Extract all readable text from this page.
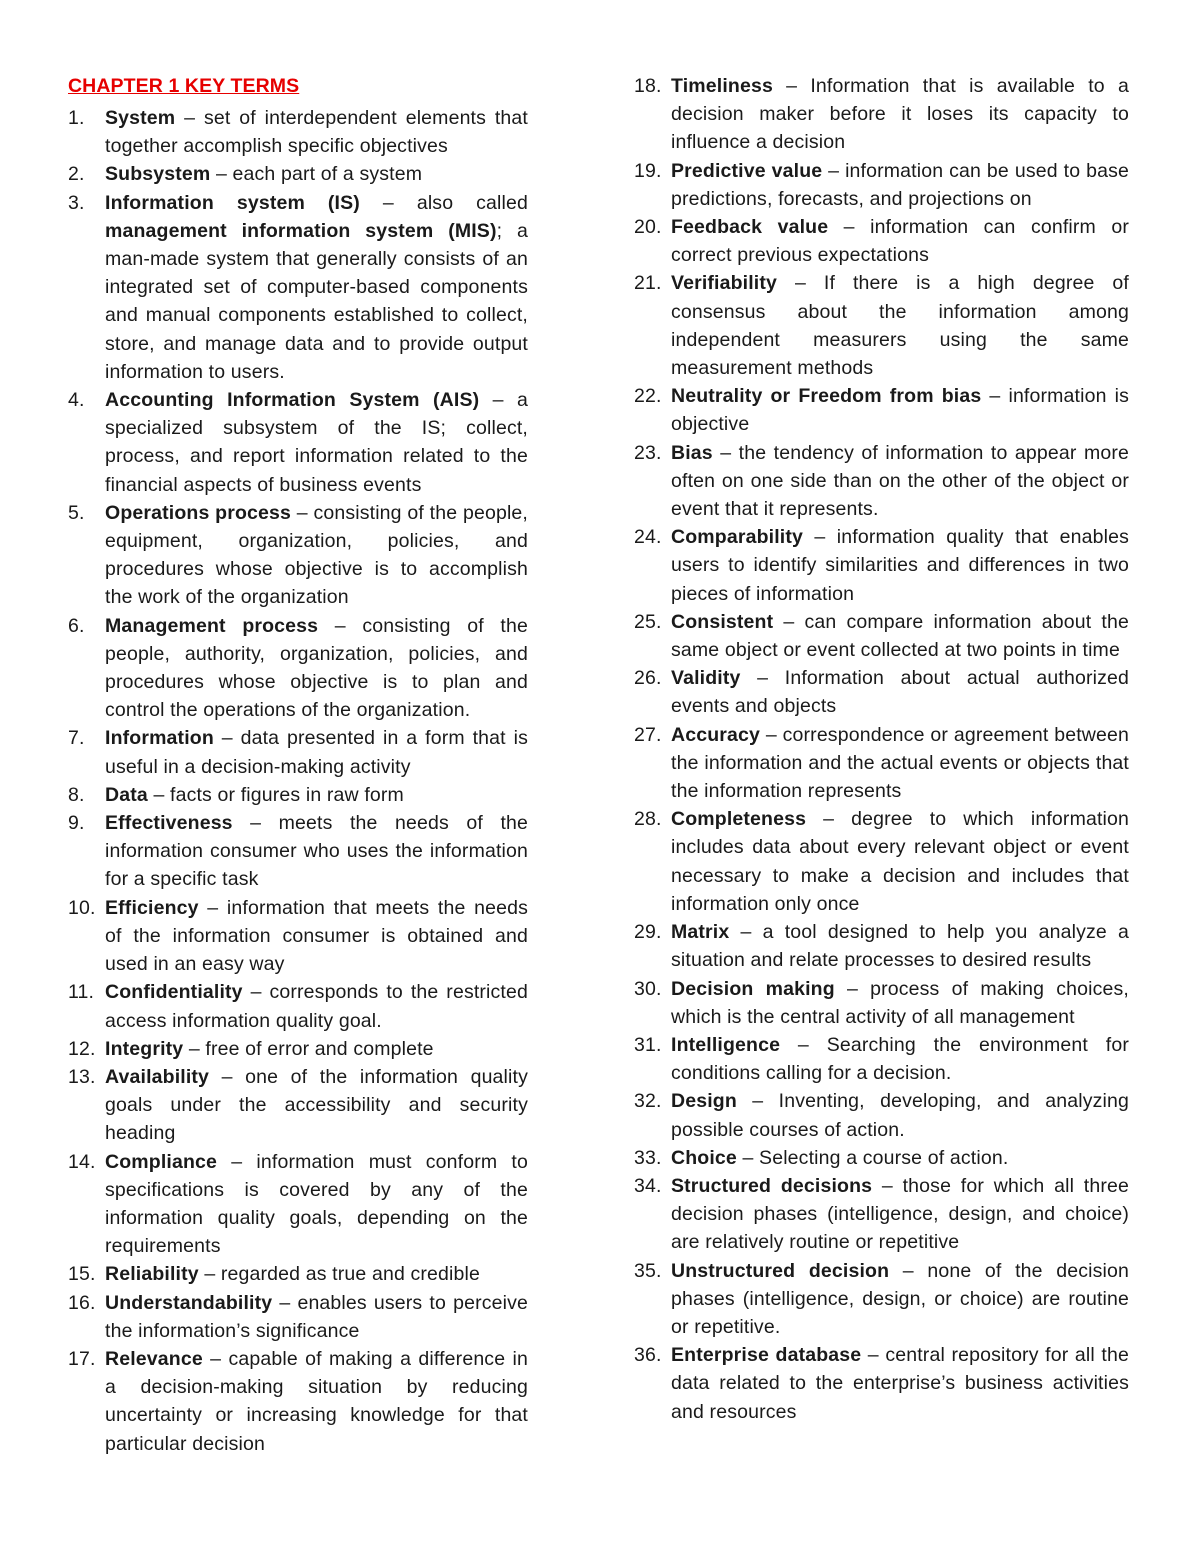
CHAPTER 1 KEY TERMS
1. System – set of interdependent elements that together accomplish specific objectives
2. Subsystem – each part of a system
3. Information system (IS) – also called management information system (MIS); a man-made system that generally consists of an integrated set of computer-based components and manual components established to collect, store, and manage data and to provide output information to users.
4. Accounting Information System (AIS) – a specialized subsystem of the IS; collect, process, and report information related to the financial aspects of business events
5. Operations process – consisting of the people, equipment, organization, policies, and procedures whose objective is to accomplish the work of the organization
6. Management process – consisting of the people, authority, organization, policies, and procedures whose objective is to plan and control the operations of the organization.
7. Information – data presented in a form that is useful in a decision-making activity
8. Data – facts or figures in raw form
9. Effectiveness – meets the needs of the information consumer who uses the information for a specific task
10. Efficiency – information that meets the needs of the information consumer is obtained and used in an easy way
11. Confidentiality – corresponds to the restricted access information quality goal.
12. Integrity – free of error and complete
13. Availability – one of the information quality goals under the accessibility and security heading
14. Compliance – information must conform to specifications is covered by any of the information quality goals, depending on the requirements
15. Reliability – regarded as true and credible
16. Understandability – enables users to perceive the information’s significance
17. Relevance – capable of making a difference in a decision-making situation by reducing uncertainty or increasing knowledge for that particular decision
18. Timeliness – Information that is available to a decision maker before it loses its capacity to influence a decision
19. Predictive value – information can be used to base predictions, forecasts, and projections on
20. Feedback value – information can confirm or correct previous expectations
21. Verifiability – If there is a high degree of consensus about the information among independent measurers using the same measurement methods
22. Neutrality or Freedom from bias – information is objective
23. Bias – the tendency of information to appear more often on one side than on the other of the object or event that it represents.
24. Comparability – information quality that enables users to identify similarities and differences in two pieces of information
25. Consistent – can compare information about the same object or event collected at two points in time
26. Validity – Information about actual authorized events and objects
27. Accuracy – correspondence or agreement between the information and the actual events or objects that the information represents
28. Completeness – degree to which information includes data about every relevant object or event necessary to make a decision and includes that information only once
29. Matrix – a tool designed to help you analyze a situation and relate processes to desired results
30. Decision making – process of making choices, which is the central activity of all management
31. Intelligence – Searching the environment for conditions calling for a decision.
32. Design – Inventing, developing, and analyzing possible courses of action.
33. Choice – Selecting a course of action.
34. Structured decisions – those for which all three decision phases (intelligence, design, and choice) are relatively routine or repetitive
35. Unstructured decision – none of the decision phases (intelligence, design, or choice) are routine or repetitive.
36. Enterprise database – central repository for all the data related to the enterprise’s business activities and resources
